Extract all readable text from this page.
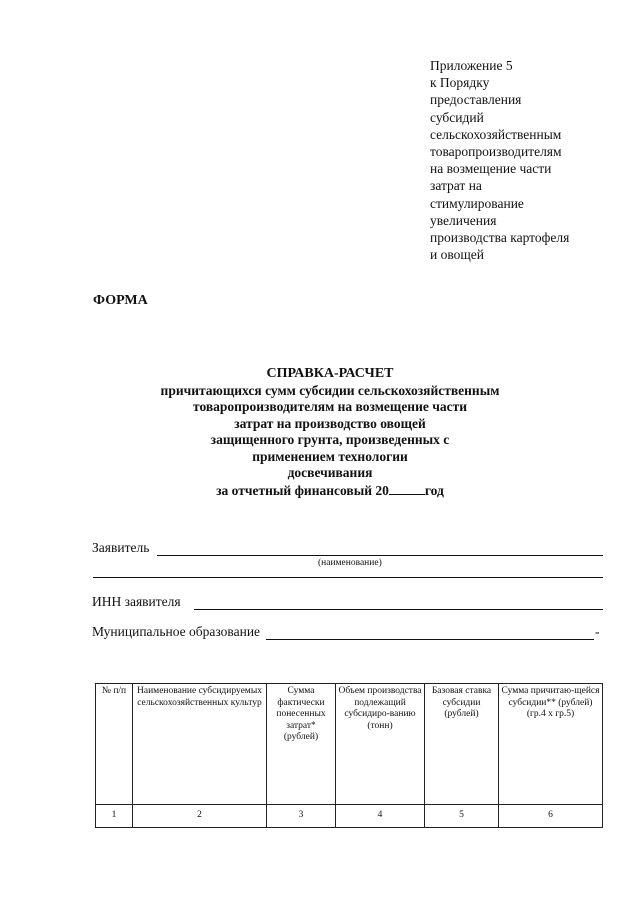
Приложение 5
к Порядку
предоставления
субсидий
сельскохозяйственным
товаропроизводителям
на возмещение части
затрат на
стимулирование
увеличения
производства картофеля
и овощей
ФОРМА
СПРАВКА-РАСЧЕТ
причитающихся сумм субсидии сельскохозяйственным
товаропроизводителям на возмещение части
затрат на производство овощей
защищенного грунта, произведенных с
применением технологии
досвечивания
за отчетный финансовый 20	год
Заявитель
(наименование)
ИНН заявителя
Муниципальное образование	-
№ п/п	Наименование субсидируемых сельскохозяйственных культур	Сумма фактически понесенных затрат* (рублей)	Объем производства подлежащий субсидиро-ванию (тонн)	Базовая ставка субсидии (рублей)	Сумма причитаю-щейся субсидии** (рублей) (гр.4 х гр.5)
1	2	3	4	5	6
